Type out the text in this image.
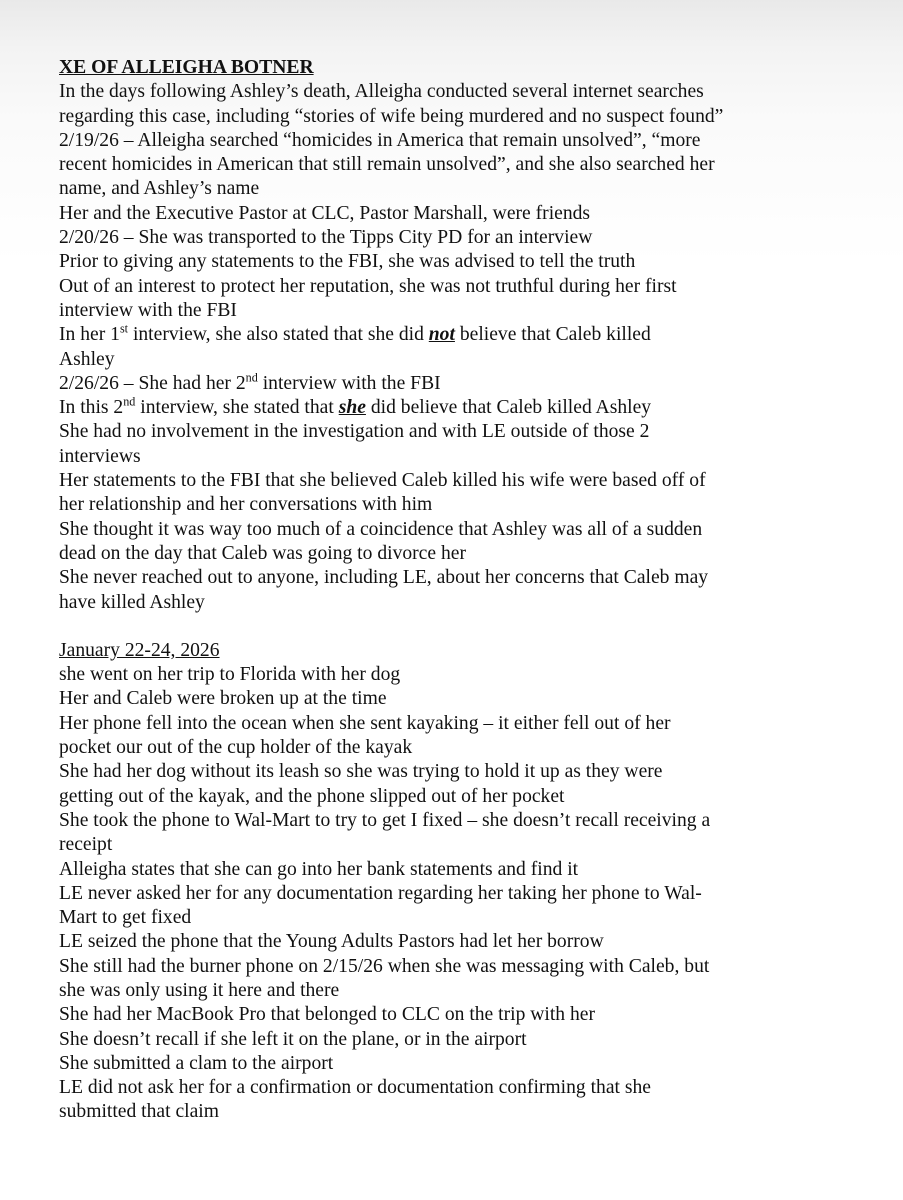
XE OF ALLEIGHA BOTNER
In the days following Ashley’s death, Alleigha conducted several internet searches
regarding this case, including “stories of wife being murdered and no suspect found”
2/19/26 – Alleigha searched “homicides in America that remain unsolved”, “more
recent homicides in American that still remain unsolved”, and she also searched her
name, and Ashley’s name
Her and the Executive Pastor at CLC, Pastor Marshall, were friends
2/20/26 – She was transported to the Tipps City PD for an interview
Prior to giving any statements to the FBI, she was advised to tell the truth
Out of an interest to protect her reputation, she was not truthful during her first
interview with the FBI
In her 1st interview, she also stated that she did not believe that Caleb killed
Ashley
2/26/26 – She had her 2nd interview with the FBI
In this 2nd interview, she stated that she did believe that Caleb killed Ashley
She had no involvement in the investigation and with LE outside of those 2
interviews
Her statements to the FBI that she believed Caleb killed his wife were based off of
her relationship and her conversations with him
She thought it was way too much of a coincidence that Ashley was all of a sudden
dead on the day that Caleb was going to divorce her
She never reached out to anyone, including LE, about her concerns that Caleb may
have killed Ashley
January 22-24, 2026
she went on her trip to Florida with her dog
Her and Caleb were broken up at the time
Her phone fell into the ocean when she sent kayaking – it either fell out of her
pocket our out of the cup holder of the kayak
She had her dog without its leash so she was trying to hold it up as they were
getting out of the kayak, and the phone slipped out of her pocket
She took the phone to Wal-Mart to try to get I fixed – she doesn’t recall receiving a
receipt
Alleigha states that she can go into her bank statements and find it
LE never asked her for any documentation regarding her taking her phone to Wal-
Mart to get fixed
LE seized the phone that the Young Adults Pastors had let her borrow
She still had the burner phone on 2/15/26 when she was messaging with Caleb, but
she was only using it here and there
She had her MacBook Pro that belonged to CLC on the trip with her
She doesn’t recall if she left it on the plane, or in the airport
She submitted a clam to the airport
LE did not ask her for a confirmation or documentation confirming that she
submitted that claim
